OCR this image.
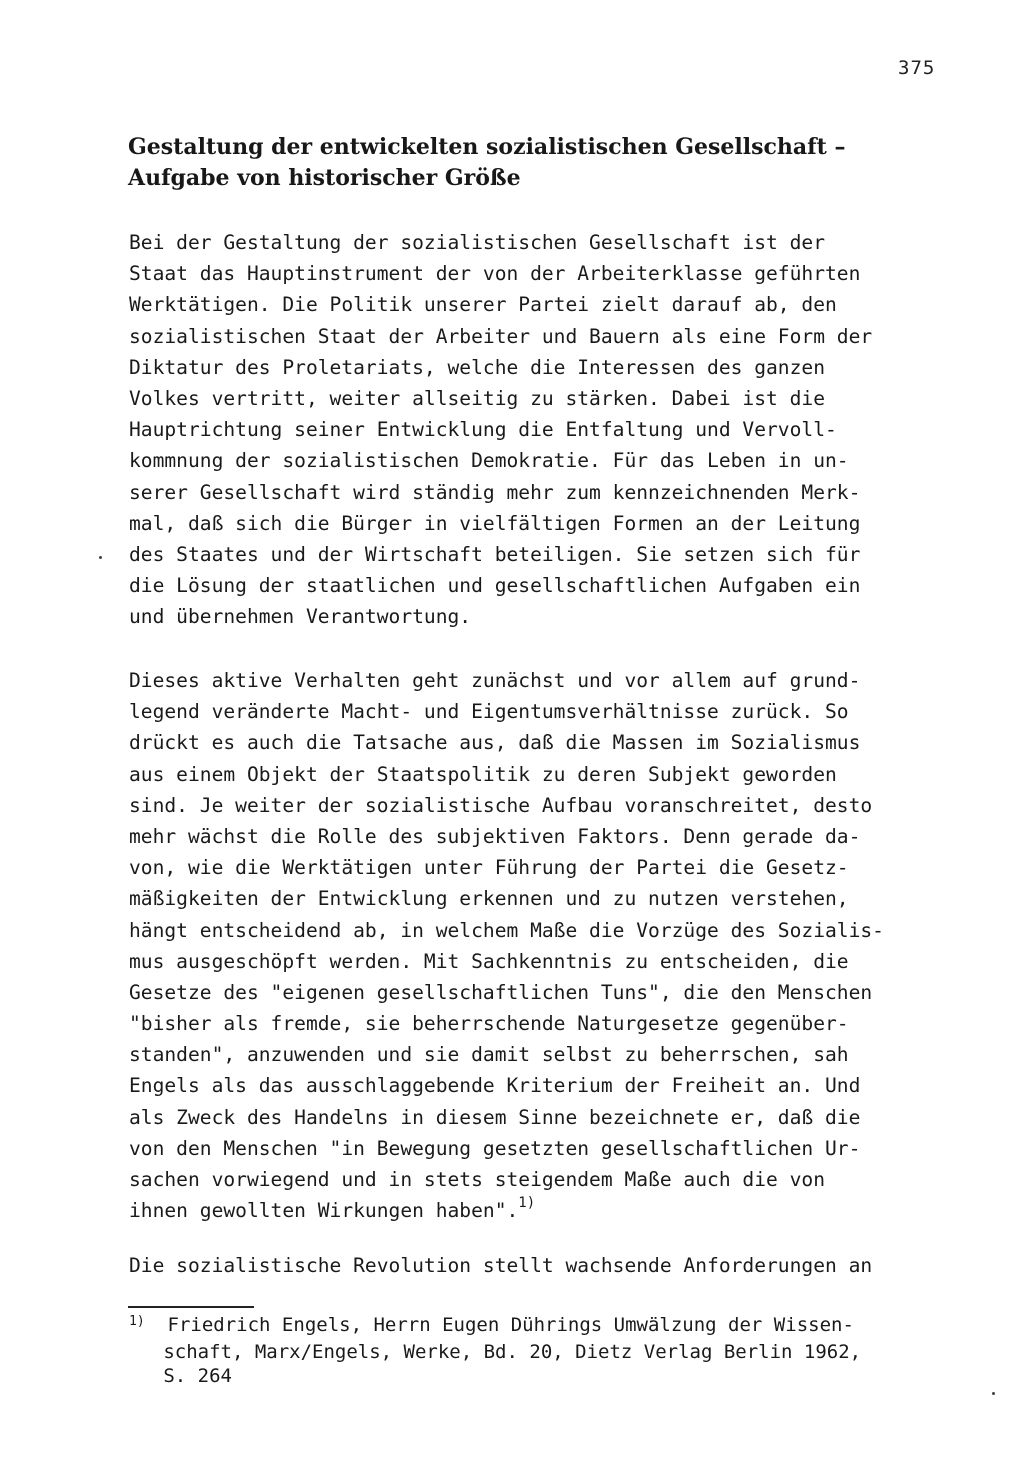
375
Gestaltung der entwickelten sozialistischen Gesellschaft –
Aufgabe von historischer Größe
Bei der Gestaltung der sozialistischen Gesellschaft ist der
Staat das Hauptinstrument der von der Arbeiterklasse geführten
Werktätigen. Die Politik unserer Partei zielt darauf ab, den
sozialistischen Staat der Arbeiter und Bauern als eine Form der
Diktatur des Proletariats, welche die Interessen des ganzen
Volkes vertritt, weiter allseitig zu stärken. Dabei ist die
Hauptrichtung seiner Entwicklung die Entfaltung und Vervoll-
kommnung der sozialistischen Demokratie. Für das Leben in un-
serer Gesellschaft wird ständig mehr zum kennzeichnenden Merk-
mal, daß sich die Bürger in vielfältigen Formen an der Leitung
des Staates und der Wirtschaft beteiligen. Sie setzen sich für
die Lösung der staatlichen und gesellschaftlichen Aufgaben ein
und übernehmen Verantwortung.
Dieses aktive Verhalten geht zunächst und vor allem auf grund-
legend veränderte Macht- und Eigentumsverhältnisse zurück. So
drückt es auch die Tatsache aus, daß die Massen im Sozialismus
aus einem Objekt der Staatspolitik zu deren Subjekt geworden
sind. Je weiter der sozialistische Aufbau voranschreitet, desto
mehr wächst die Rolle des subjektiven Faktors. Denn gerade da-
von, wie die Werktätigen unter Führung der Partei die Gesetz-
mäßigkeiten der Entwicklung erkennen und zu nutzen verstehen,
hängt entscheidend ab, in welchem Maße die Vorzüge des Sozialis-
mus ausgeschöpft werden. Mit Sachkenntnis zu entscheiden, die
Gesetze des "eigenen gesellschaftlichen Tuns", die den Menschen
"bisher als fremde, sie beherrschende Naturgesetze gegenüber-
standen", anzuwenden und sie damit selbst zu beherrschen, sah
Engels als das ausschlaggebende Kriterium der Freiheit an. Und
als Zweck des Handelns in diesem Sinne bezeichnete er, daß die
von den Menschen "in Bewegung gesetzten gesellschaftlichen Ur-
sachen vorwiegend und in stets steigendem Maße auch die von
ihnen gewollten Wirkungen haben".$^{1)}$
Die sozialistische Revolution stellt wachsende Anforderungen an
$^{1)}$ Friedrich Engels, Herrn Eugen Dührings Umwälzung der Wissen-
schaft, Marx/Engels, Werke, Bd. 20, Dietz Verlag Berlin 1962,
S. 264
